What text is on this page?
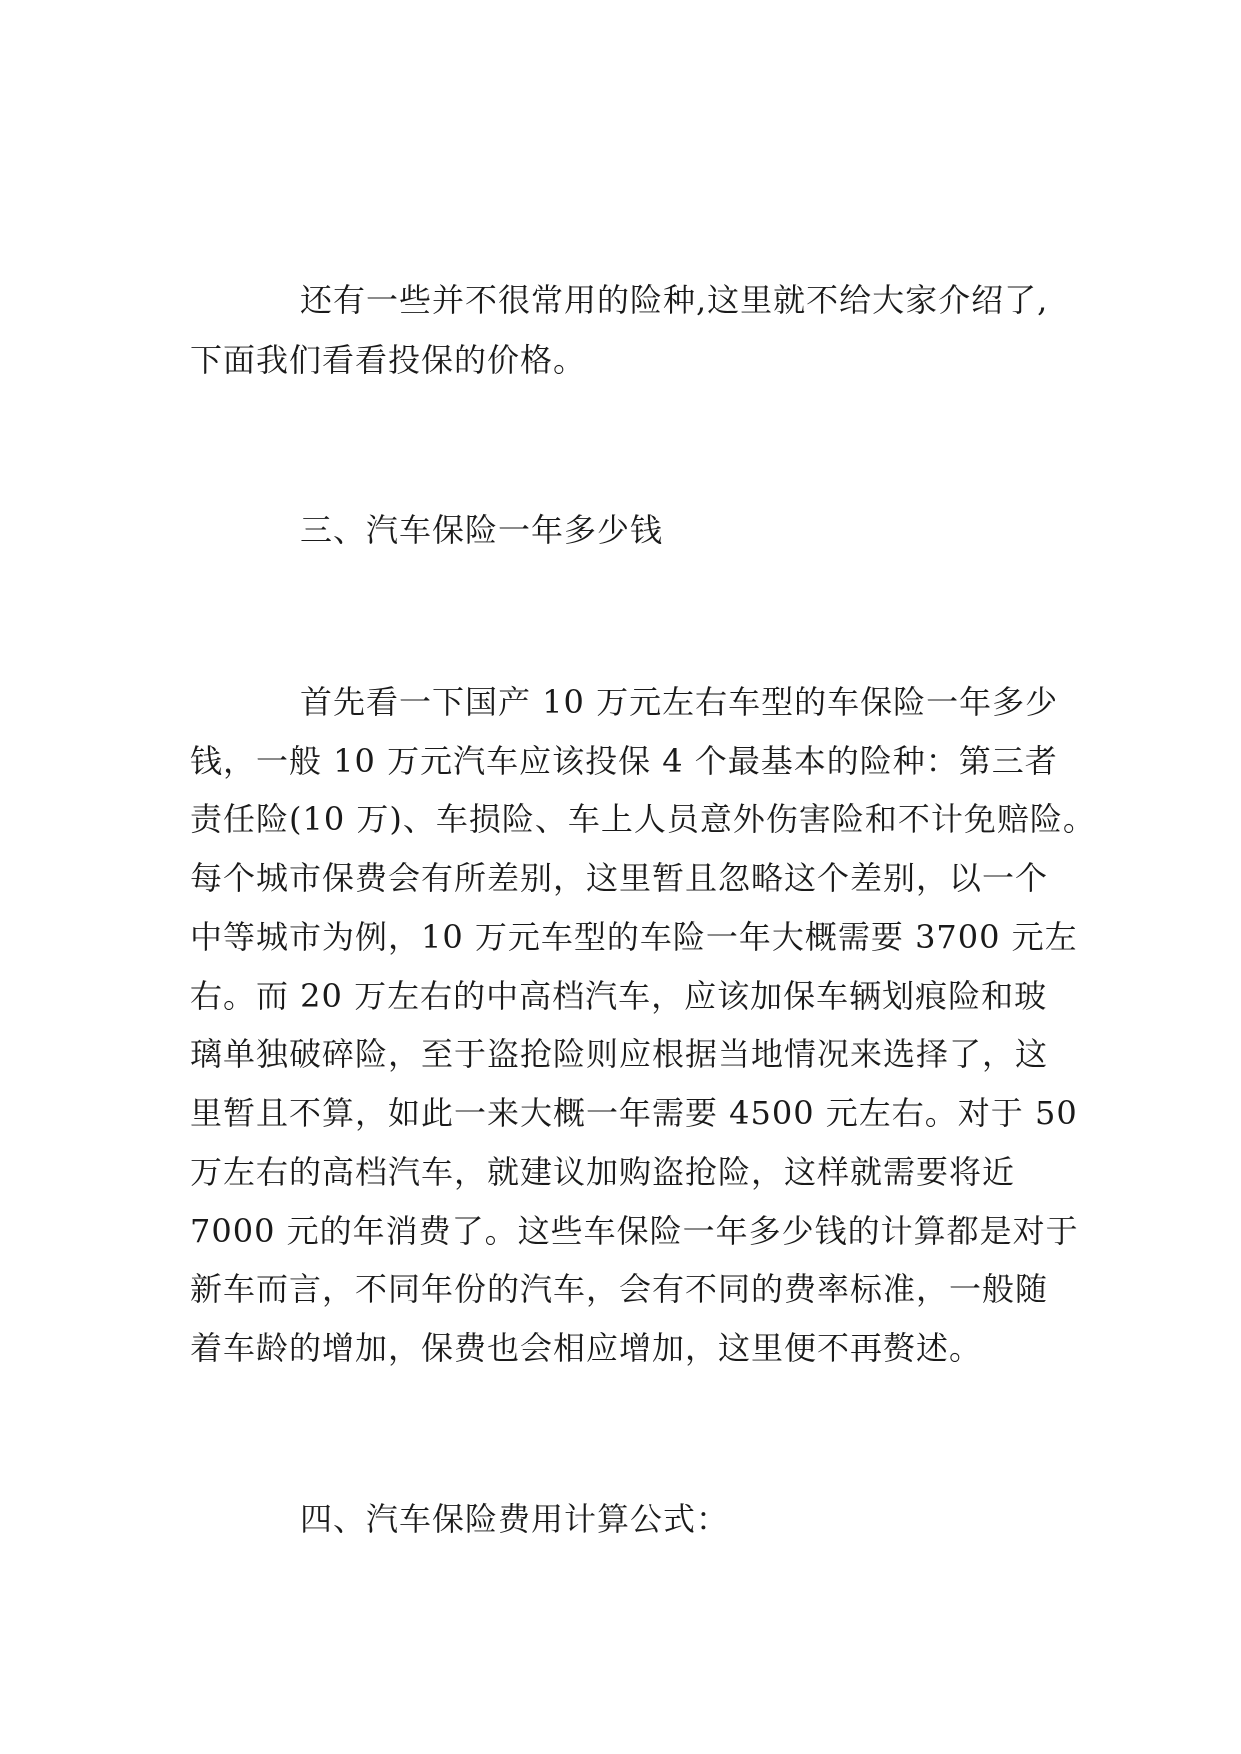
还有一些并不很常用的险种,这里就不给大家介绍了,
下面我们看看投保的价格。
三、汽车保险一年多少钱
首先看一下国产 10 万元左右车型的车保险一年多少
钱，一般 10 万元汽车应该投保 4 个最基本的险种：第三者
责任险(10 万)、车损险、车上人员意外伤害险和不计免赔险。
每个城市保费会有所差别，这里暂且忽略这个差别，以一个
中等城市为例，10 万元车型的车险一年大概需要 3700 元左
右。而 20 万左右的中高档汽车，应该加保车辆划痕险和玻
璃单独破碎险，至于盗抢险则应根据当地情况来选择了，这
里暂且不算，如此一来大概一年需要 4500 元左右。对于 50
万左右的高档汽车，就建议加购盗抢险，这样就需要将近
7000 元的年消费了。这些车保险一年多少钱的计算都是对于
新车而言，不同年份的汽车，会有不同的费率标准，一般随
着车龄的增加，保费也会相应增加，这里便不再赘述。
四、汽车保险费用计算公式：
